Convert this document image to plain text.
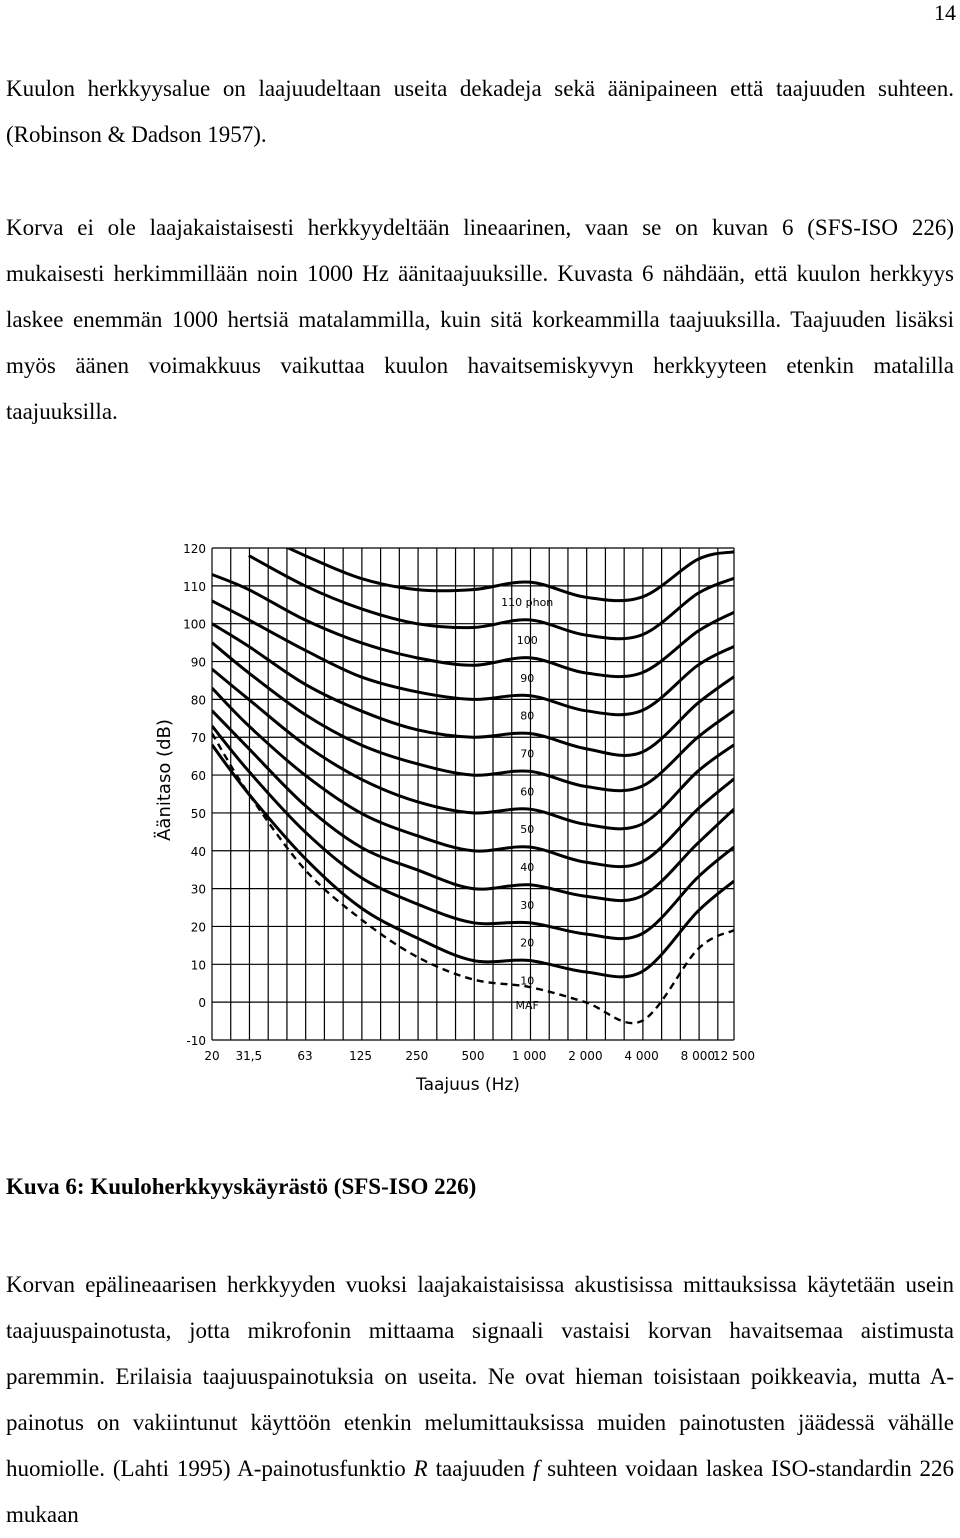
14

Kuulon herkkyysalue on laajuudeltaan useita dekadeja sekä äänipaineen että taajuuden suhteen. (Robinson & Dadson 1957).

Korva ei ole laajakaistaisesti herkkyydeltään lineaarinen, vaan se on kuvan 6 (SFS-ISO 226) mukaisesti herkimmillään noin 1000 Hz äänitaajuuksille. Kuvasta 6 nähdään, että kuulon herkkyys laskee enemmän 1000 hertsiä matalammilla, kuin sitä korkeammilla taajuuksilla. Taajuuden lisäksi myös äänen voimakkuus vaikuttaa kuulon havaitsemiskyvyn herkkyyteen etenkin matalilla taajuuksilla.

120
110
100
90
80
70
60
50
40
30
20
10
0
-10
20 31,5	63	125	250	500 1 000 2 000 4 000 8 000
12 500
110 phon
100
90
80
70
60
50
40
30
20
10
MAF
Taajuus (Hz)
Äänitaso (dB)

Kuva 6: Kuuloherkkyyskäyrästö (SFS-ISO 226)

Korvan epälineaarisen herkkyyden vuoksi laajakaistaisissa akustisissa mittauksissa käytetään usein taajuuspainotusta, jotta mikrofonin mittaama signaali vastaisi korvan havaitsemaa aistimusta paremmin. Erilaisia taajuuspainotuksia on useita. Ne ovat hieman toisistaan poikkeavia, mutta A-painotus on vakiintunut käyttöön etenkin melumittauksissa muiden painotusten jäädessä vähälle huomiolle. (Lahti 1995) A-painotusfunktio R taajuuden f suhteen voidaan laskea ISO-standardin 226 mukaan
